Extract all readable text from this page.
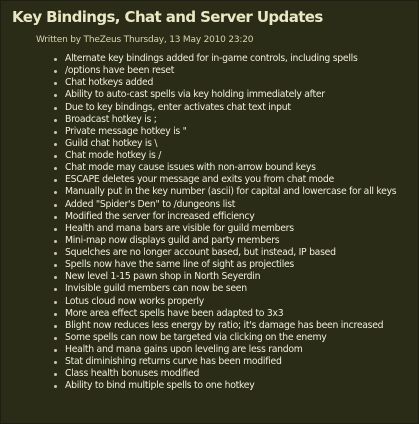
Key Bindings, Chat and Server Updates
Written by TheZeus Thursday, 13 May 2010 23:20
Alternate key bindings added for in-game controls, including spells
/options have been reset
Chat hotkeys added
Ability to auto-cast spells via key holding immediately after
Due to key bindings, enter activates chat text input
Broadcast hotkey is ;
Private message hotkey is "
Guild chat hotkey is \
Chat mode hotkey is /
Chat mode may cause issues with non-arrow bound keys
ESCAPE deletes your message and exits you from chat mode
Manually put in the key number (ascii) for capital and lowercase for all keys
Added "Spider's Den" to /dungeons list
Modified the server for increased efficiency
Health and mana bars are visible for guild members
Mini-map now displays guild and party members
Squelches are no longer account based, but instead, IP based
Spells now have the same line of sight as projectiles
New level 1-15 pawn shop in North Seyerdin
Invisible guild members can now be seen
Lotus cloud now works properly
More area effect spells have been adapted to 3x3
Blight now reduces less energy by ratio; it's damage has been increased
Some spells can now be targeted via clicking on the enemy
Health and mana gains upon leveling are less random
Stat diminishing returns curve has been modified
Class health bonuses modified
Ability to bind multiple spells to one hotkey
